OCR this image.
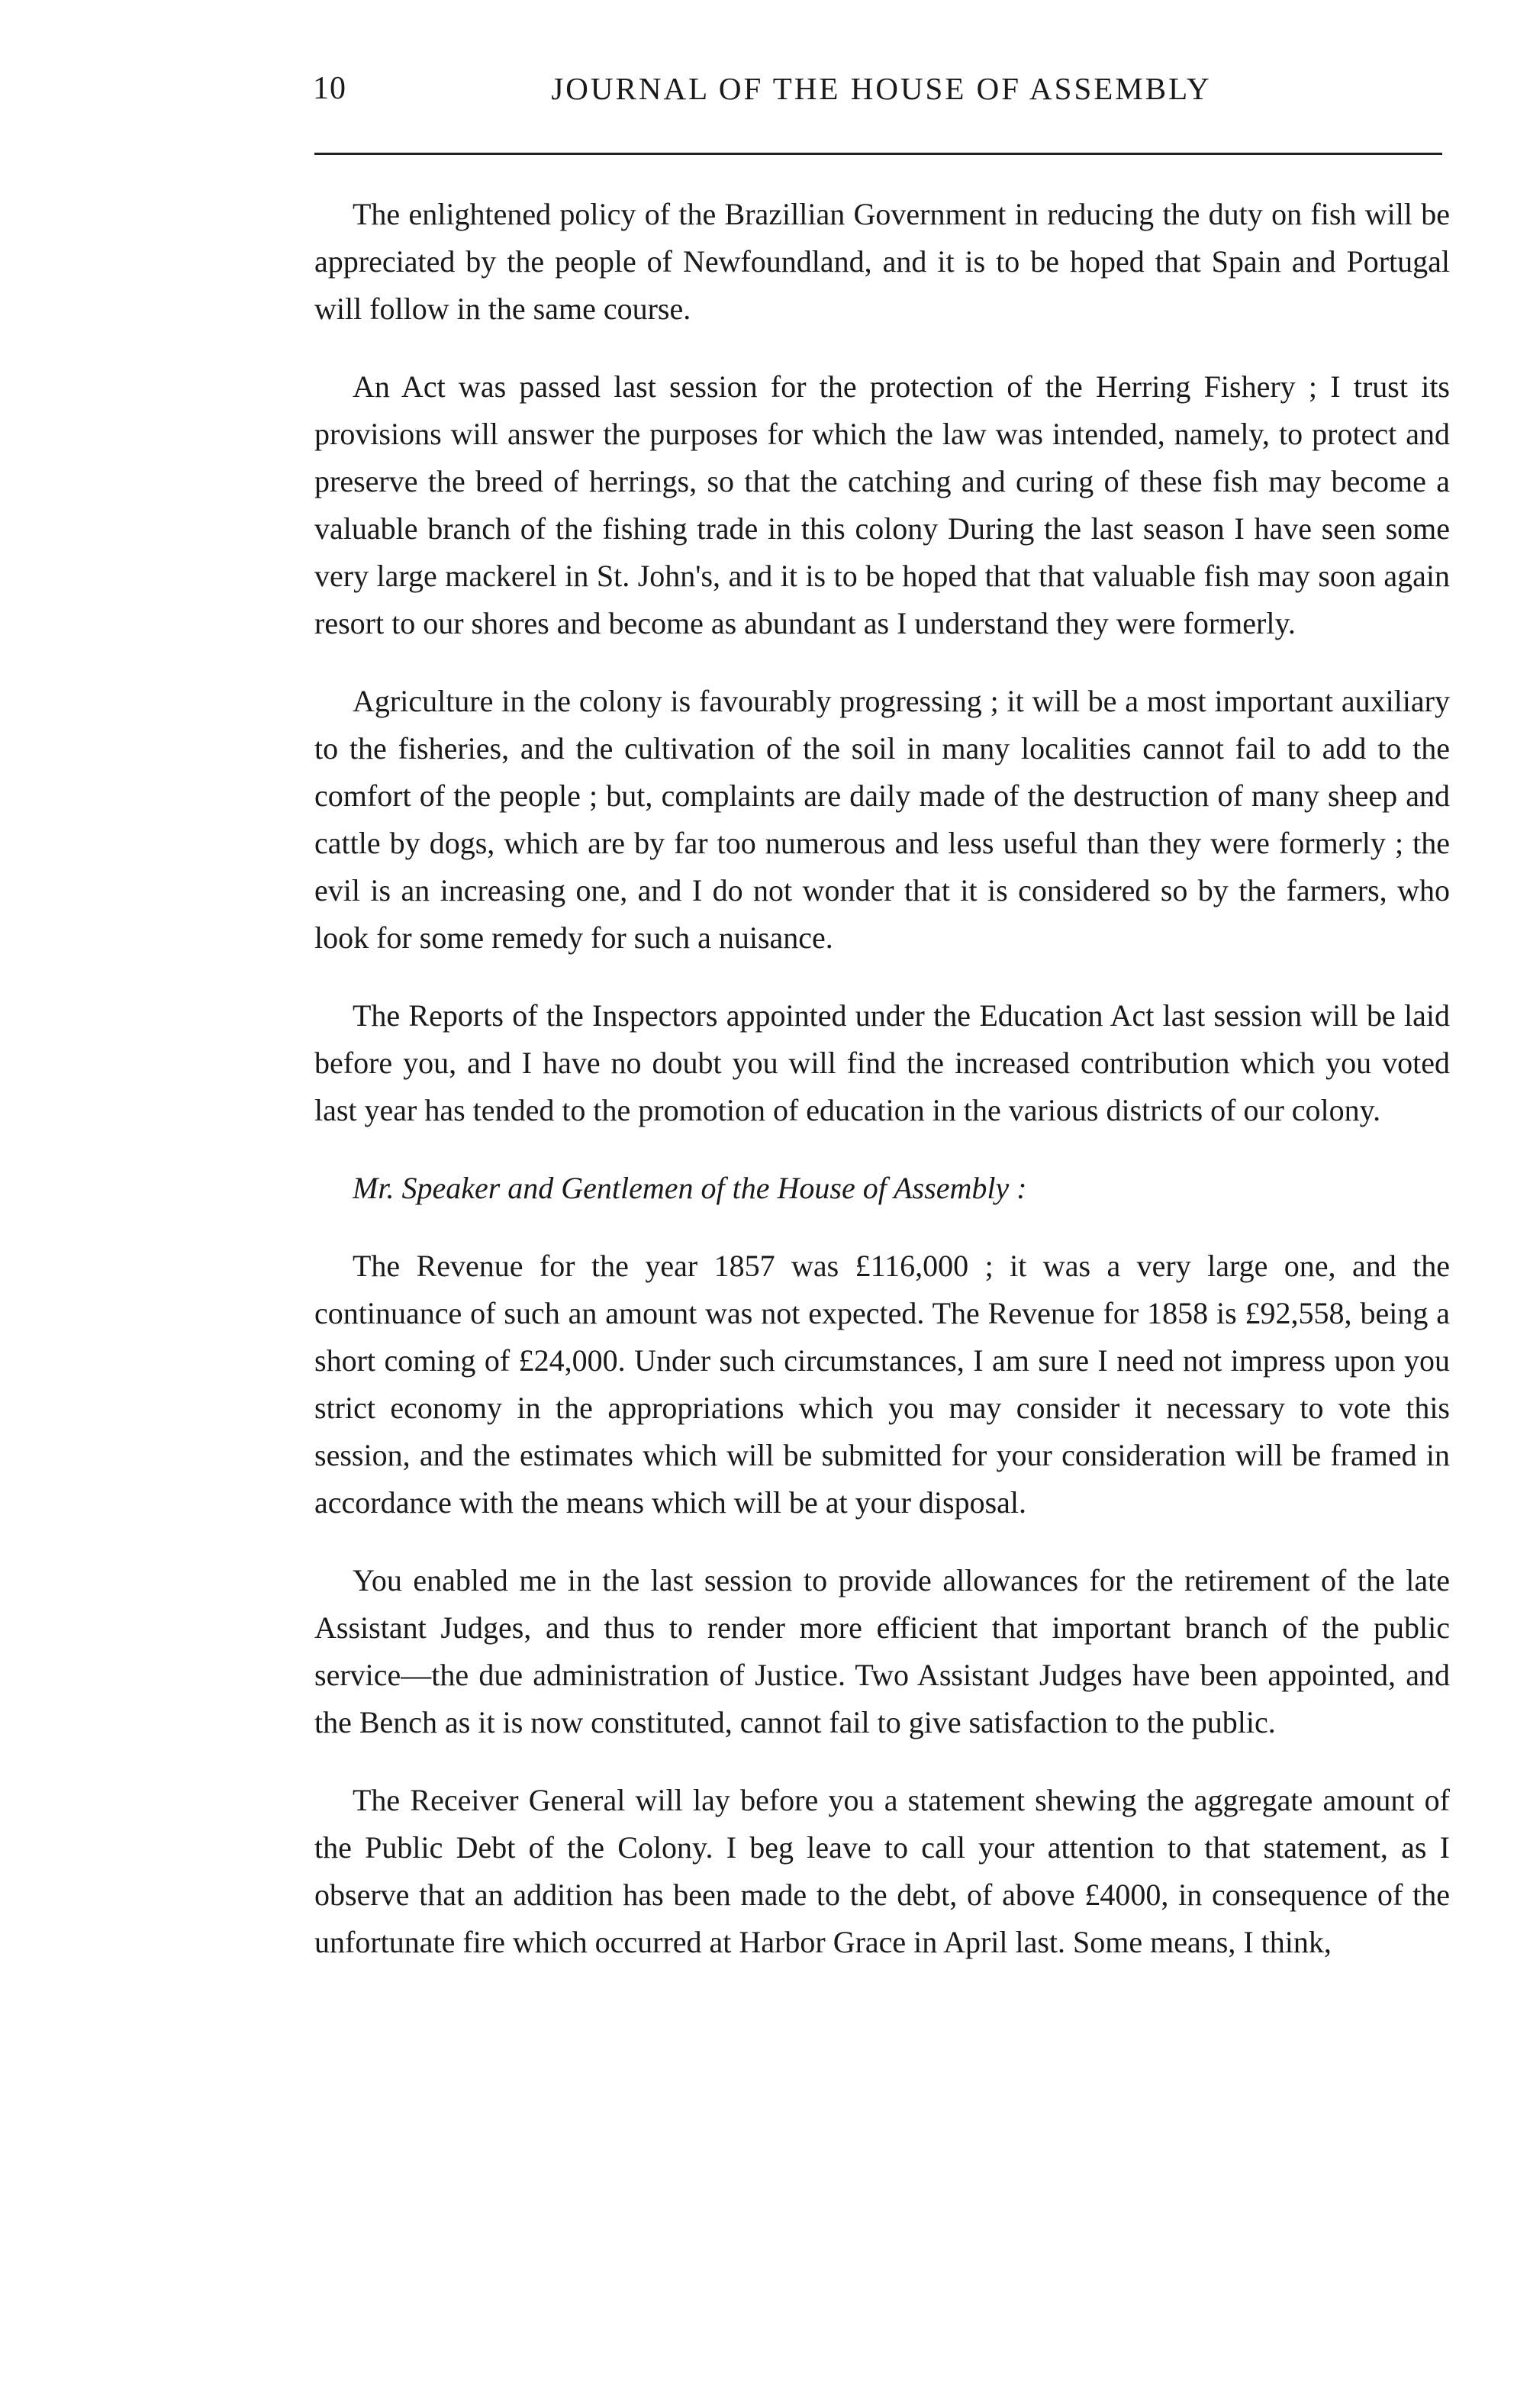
10	JOURNAL OF THE HOUSE OF ASSEMBLY

The enlightened policy of the Brazillian Government in reducing the duty on fish will be appreciated by the people of Newfoundland, and it is to be hoped that Spain and Portugal will follow in the same course.

An Act was passed last session for the protection of the Herring Fishery ; I trust its provisions will answer the purposes for which the law was intended, namely, to protect and preserve the breed of herrings, so that the catching and curing of these fish may become a valuable branch of the fishing trade in this colony During the last season I have seen some very large mackerel in St. John's, and it is to be hoped that that valuable fish may soon again resort to our shores and become as abundant as I understand they were formerly.

Agriculture in the colony is favourably progressing ; it will be a most important auxiliary to the fisheries, and the cultivation of the soil in many localities cannot fail to add to the comfort of the people ; but, complaints are daily made of the destruction of many sheep and cattle by dogs, which are by far too numerous and less useful than they were formerly ; the evil is an increasing one, and I do not wonder that it is considered so by the farmers, who look for some remedy for such a nuisance.

The Reports of the Inspectors appointed under the Education Act last session will be laid before you, and I have no doubt you will find the increased contribution which you voted last year has tended to the promotion of education in the various districts of our colony.

Mr. Speaker and Gentlemen of the House of Assembly :

The Revenue for the year 1857 was £116,000 ; it was a very large one, and the continuance of such an amount was not expected. The Revenue for 1858 is £92,558, being a short coming of £24,000. Under such circumstances, I am sure I need not impress upon you strict economy in the appropriations which you may consider it necessary to vote this session, and the estimates which will be submitted for your consideration will be framed in accordance with the means which will be at your disposal.

You enabled me in the last session to provide allowances for the retirement of the late Assistant Judges, and thus to render more efficient that important branch of the public service—the due administration of Justice. Two Assistant Judges have been appointed, and the Bench as it is now constituted, cannot fail to give satisfaction to the public.

The Receiver General will lay before you a statement shewing the aggregate amount of the Public Debt of the Colony. I beg leave to call your attention to that statement, as I observe that an addition has been made to the debt, of above £4000, in consequence of the unfortunate fire which occurred at Harbor Grace in April last. Some means, I think,
